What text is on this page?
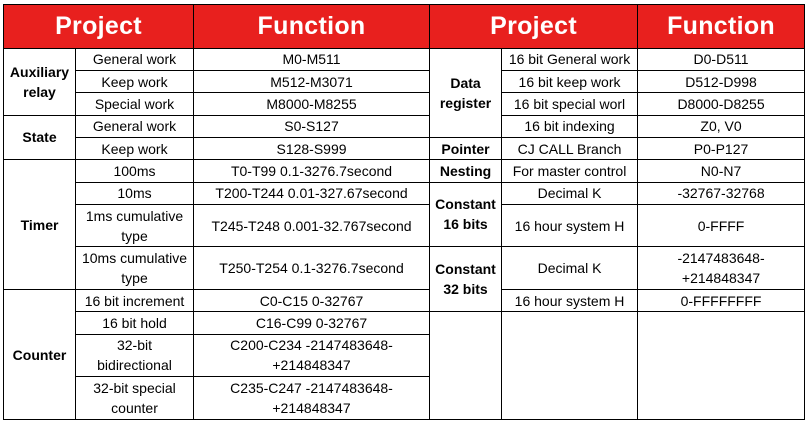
Project		Function	Project		Function
Auxiliary relay	General work	M0-M511	Data register	16 bit General work	D0-D511
	Keep work	M512-M3071		16 bit keep work	D512-D998
	Special work	M8000-M8255		16 bit special worl	D8000-D8255
State	General work	S0-S127		16 bit indexing	Z0, V0
	Keep work	S128-S999	Pointer	CJ CALL Branch	P0-P127
Timer	100ms	T0-T99 0.1-3276.7second	Nesting	For master control	N0-N7
	10ms	T200-T244 0.01-327.67second	Constant 16 bits	Decimal K	-32767-32768
	1ms cumulative type	T245-T248 0.001-32.767second		16 hour system H	0-FFFF
	10ms cumulative type	T250-T254 0.1-3276.7second	Constant 32 bits	Decimal K	-2147483648-+214848347
Counter	16 bit increment	C0-C15 0-32767		16 hour system H	0-FFFFFFFF
	16 bit hold	C16-C99 0-32767			
	32-bit bidirectional	C200-C234 -2147483648-+214848347			
	32-bit special counter	C235-C247 -2147483648-+214848347			
